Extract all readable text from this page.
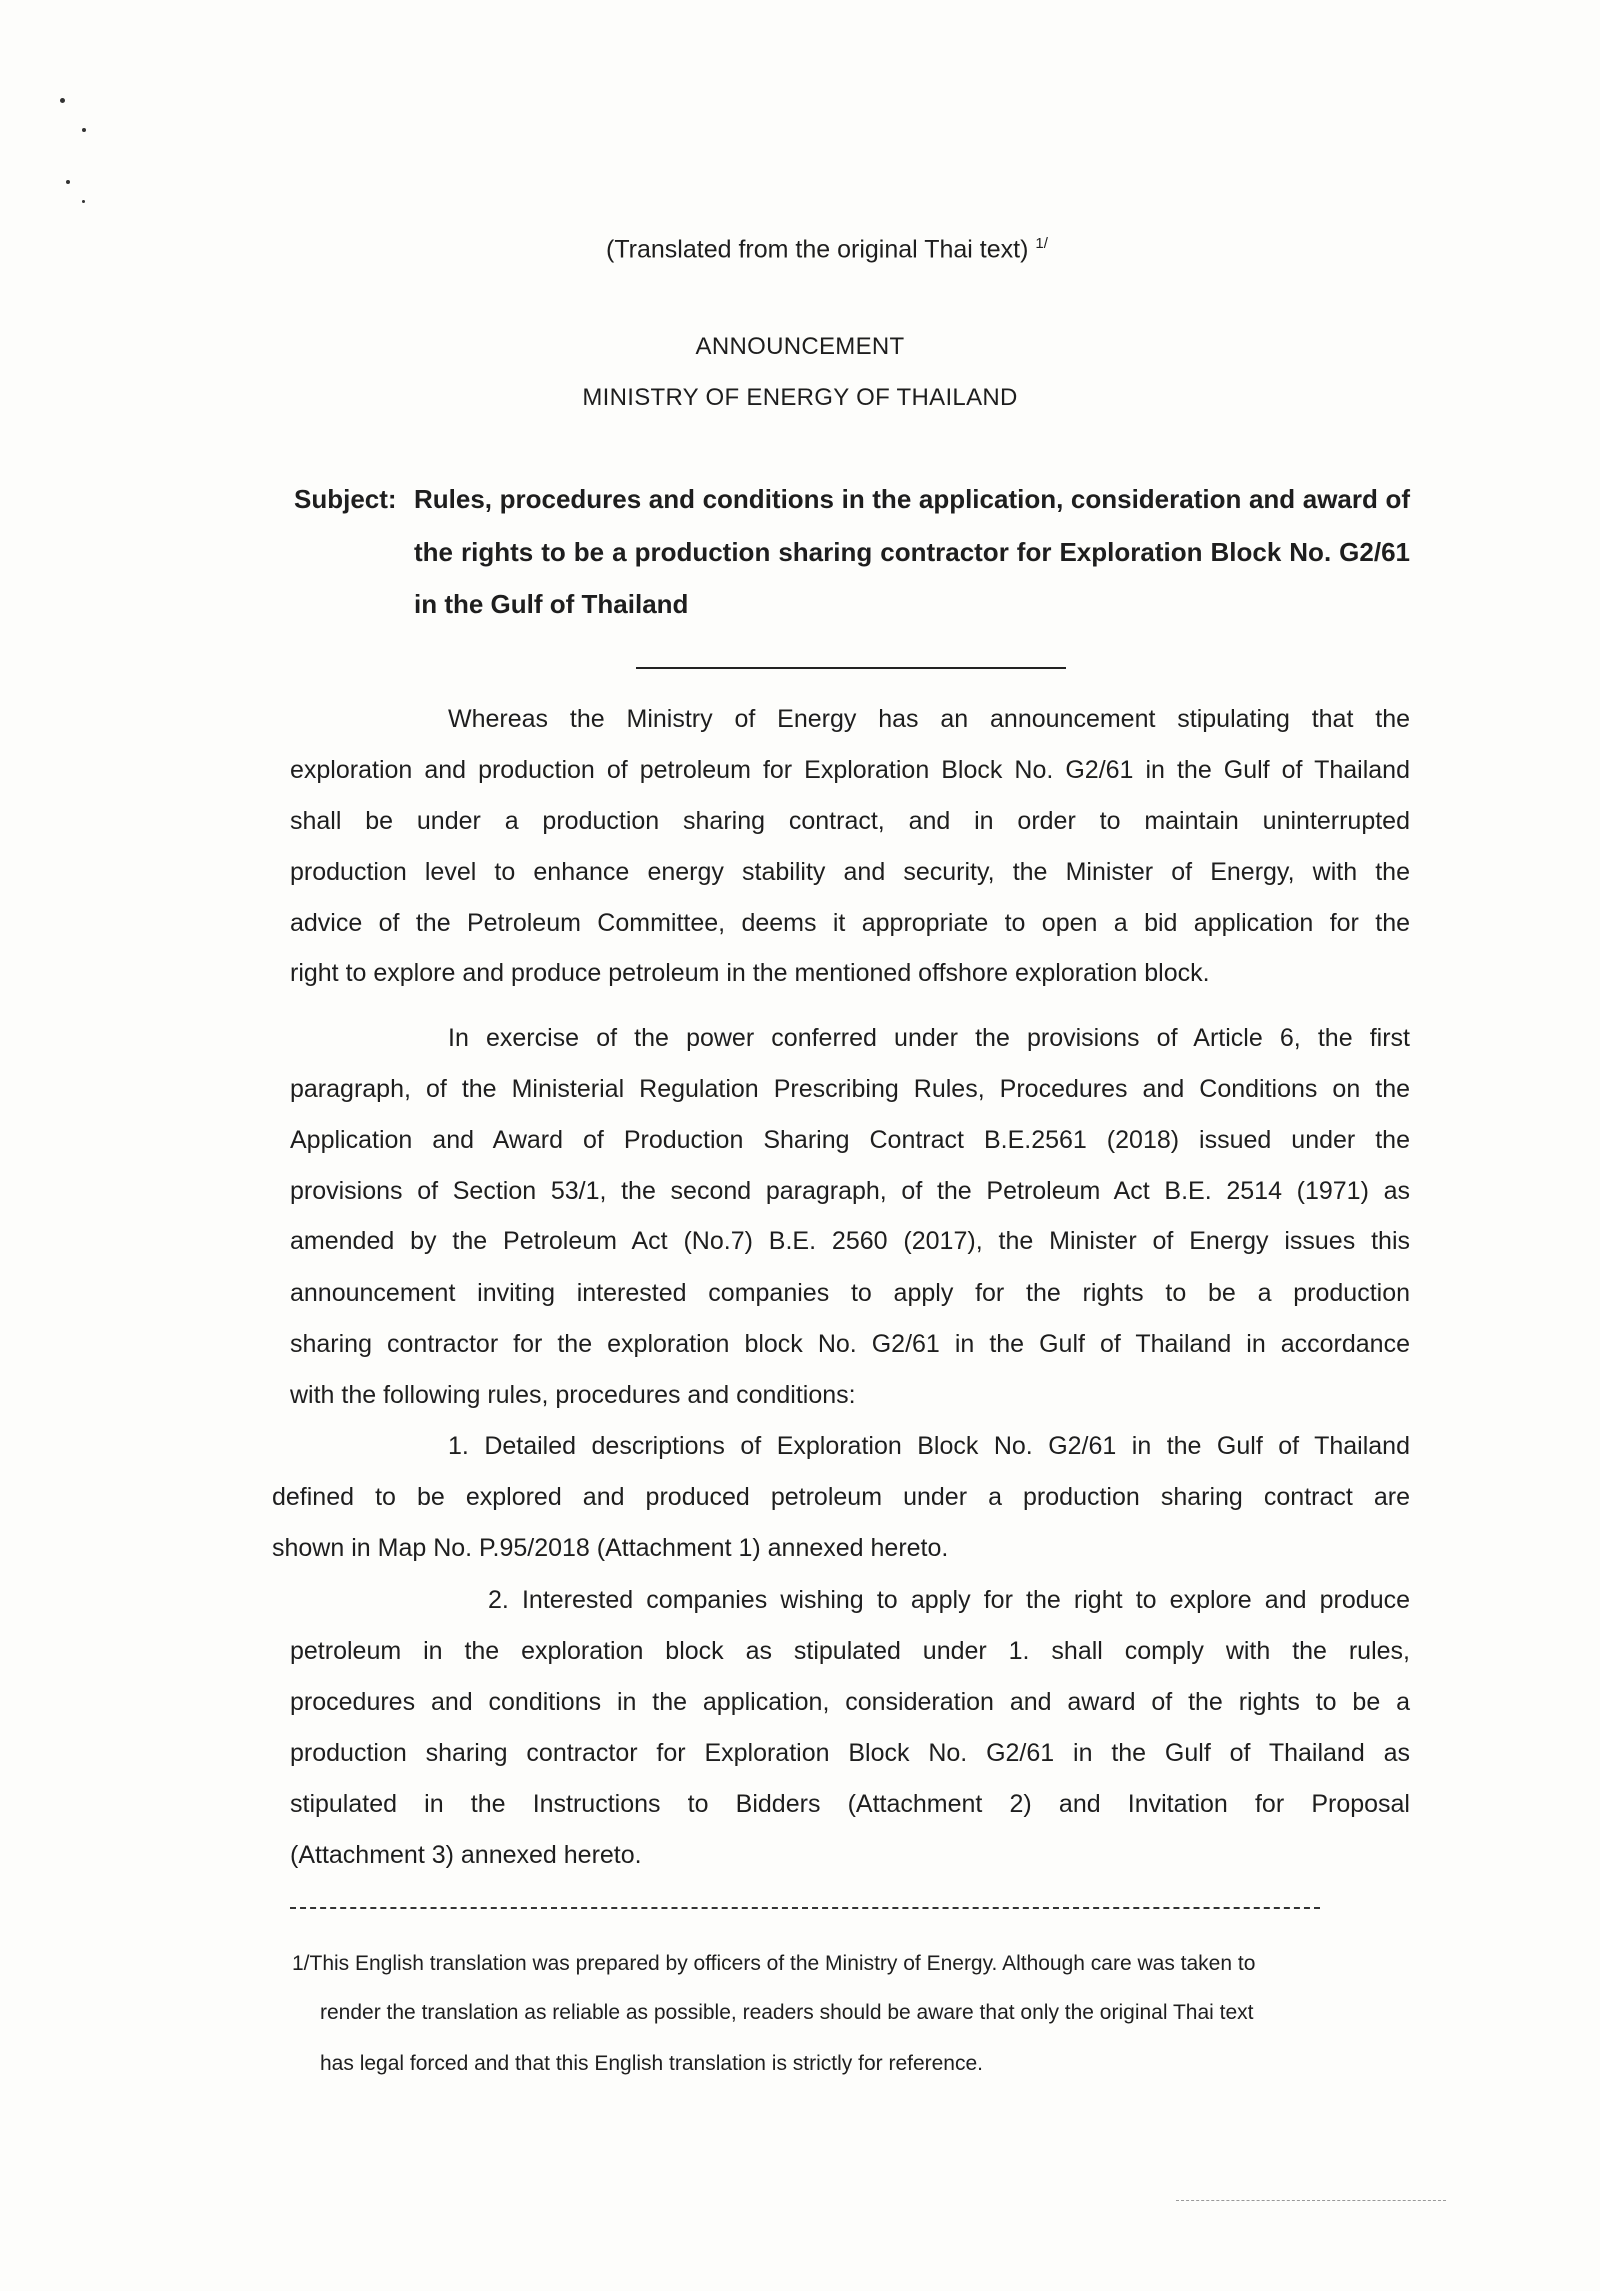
(Translated from the original Thai text) $^{1/}$
ANNOUNCEMENT
MINISTRY OF ENERGY OF THAILAND
Subject: Rules, procedures and conditions in the application, consideration and award of
the rights to be a production sharing contractor for Exploration Block No. G2/61
in the Gulf of Thailand
Whereas the Ministry of Energy has an announcement stipulating that the
exploration and production of petroleum for Exploration Block No. G2/61 in the Gulf of Thailand
shall be under a production sharing contract, and in order to maintain uninterrupted
production level to enhance energy stability and security, the Minister of Energy, with the
advice of the Petroleum Committee, deems it appropriate to open a bid application for the
right to explore and produce petroleum in the mentioned offshore exploration block.
In exercise of the power conferred under the provisions of Article 6, the first
paragraph, of the Ministerial Regulation Prescribing Rules, Procedures and Conditions on the
Application and Award of Production Sharing Contract B.E.2561 (2018) issued under the
provisions of Section 53/1, the second paragraph, of the Petroleum Act B.E. 2514 (1971) as
amended by the Petroleum Act (No.7) B.E. 2560 (2017), the Minister of Energy issues this
announcement inviting interested companies to apply for the rights to be a production
sharing contractor for the exploration block No. G2/61 in the Gulf of Thailand in accordance
with the following rules, procedures and conditions:
1. Detailed descriptions of Exploration Block No. G2/61 in the Gulf of Thailand
defined to be explored and produced petroleum under a production sharing contract are
shown in Map No. P.95/2018 (Attachment 1) annexed hereto.
2. Interested companies wishing to apply for the right to explore and produce
petroleum in the exploration block as stipulated under 1. shall comply with the rules,
procedures and conditions in the application, consideration and award of the rights to be a
production sharing contractor for Exploration Block No. G2/61 in the Gulf of Thailand as
stipulated in the Instructions to Bidders (Attachment 2) and Invitation for Proposal
(Attachment 3) annexed hereto.
1/This English translation was prepared by officers of the Ministry of Energy. Although care was taken to
render the translation as reliable as possible, readers should be aware that only the original Thai text
has legal forced and that this English translation is strictly for reference.
